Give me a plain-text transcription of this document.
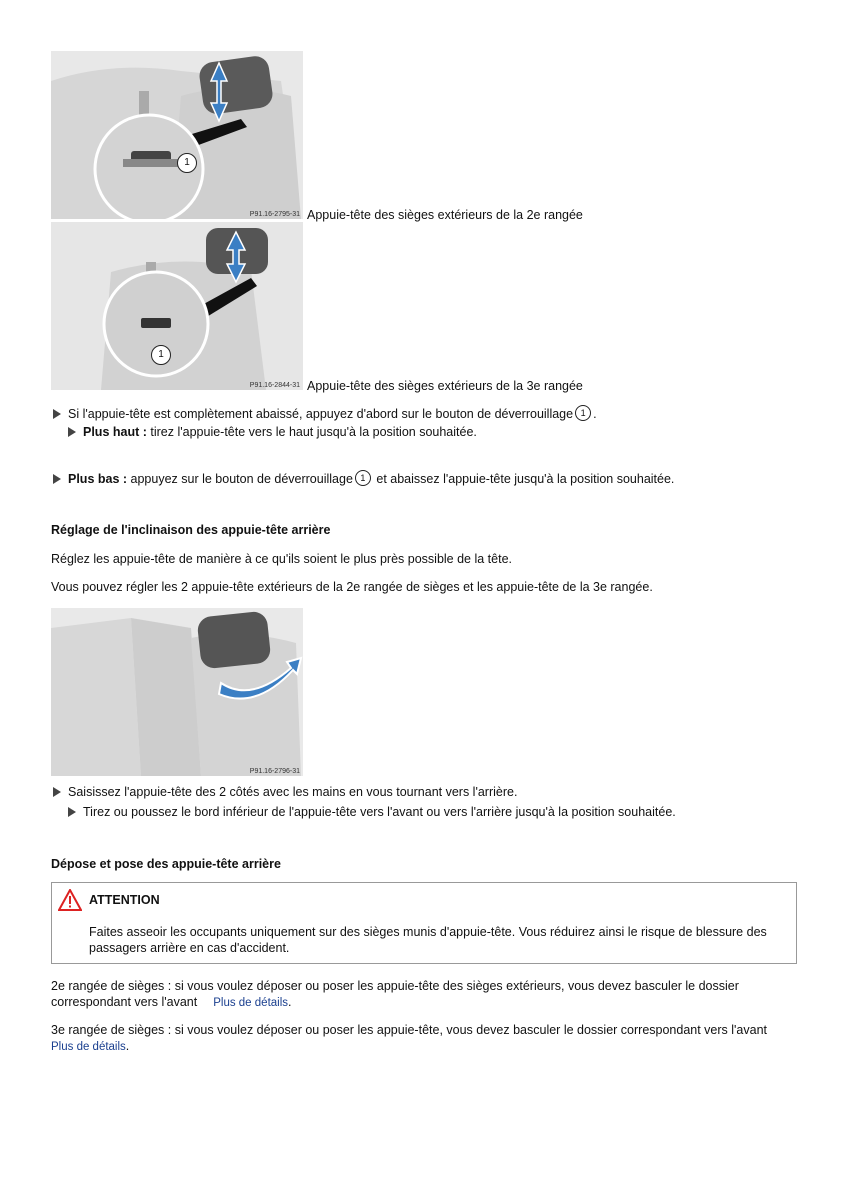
1
P91.16-2795-31 Appuie-tête des sièges extérieurs de la 2e rangée
1
P91.16-2844-31 Appuie-tête des sièges extérieurs de la 3e rangée
Si l'appuie-tête est complètement abaissé, appuyez d'abord sur le bouton de déverrouillage 1 .
Plus haut : tirez l'appuie-tête vers le haut jusqu'à la position souhaitée.
Plus bas : appuyez sur le bouton de déverrouillage 1 et abaissez l'appuie-tête jusqu'à la position souhaitée.
Réglage de l'inclinaison des appuie-tête arrière
Réglez les appuie-tête de manière à ce qu'ils soient le plus près possible de la tête.
Vous pouvez régler les 2 appuie-tête extérieurs de la 2e rangée de sièges et les appuie-tête de la 3e rangée.
P91.16-2796-31
Saisissez l'appuie-tête des 2 côtés avec les mains en vous tournant vers l'arrière.
Tirez ou poussez le bord inférieur de l'appuie-tête vers l'avant ou vers l'arrière jusqu'à la position souhaitée.
Dépose et pose des appuie-tête arrière
ATTENTION
Faites asseoir les occupants uniquement sur des sièges munis d'appuie-tête. Vous réduirez ainsi le risque de blessure des passagers arrière en cas d'accident.
2e rangée de sièges : si vous voulez déposer ou poser les appuie-tête des sièges extérieurs, vous devez basculer le dossier correspondant vers l'avant Plus de détails.
3e rangée de sièges : si vous voulez déposer ou poser les appuie-tête, vous devez basculer le dossier correspondant vers l'avantPlus de détails.
